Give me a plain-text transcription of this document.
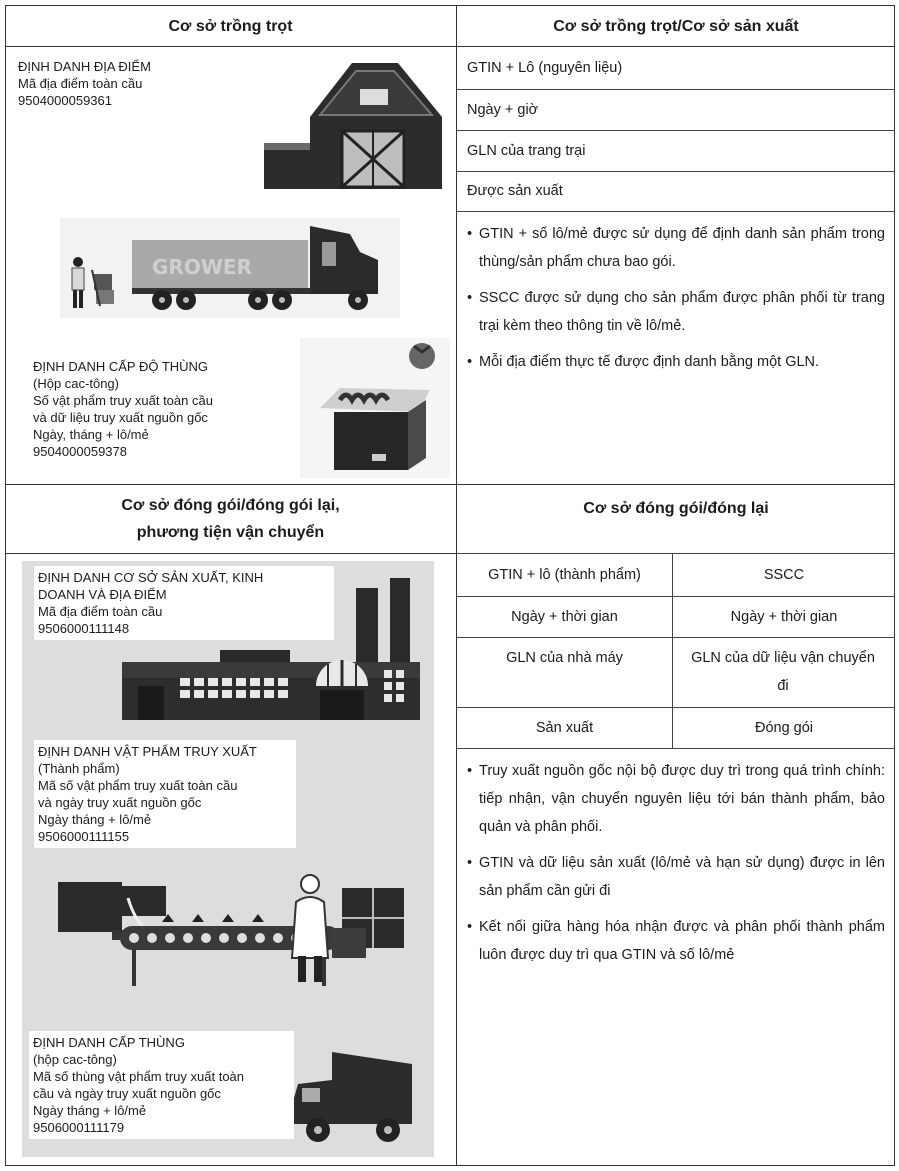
Cơ sở trồng trọt	Cơ sở trồng trọt/Cơ sở sản xuất
ĐỊNH DANH ĐỊA ĐIỂM
Mã địa điểm toàn cầu
9504000059361
GROWER
ĐỊNH DANH CẤP ĐỘ THÙNG
(Hộp cac-tông)
Số vật phẩm truy xuất toàn cầu
và dữ liệu truy xuất nguồn gốc
Ngày, tháng + lô/mẻ
9504000059378
GTIN + Lô (nguyên liệu)
Ngày + giờ
GLN của trang trại
Được sản xuất
• GTIN + số lô/mẻ được sử dụng để định danh sản phẩm trong thùng/sản phẩm chưa bao gói.
• SSCC được sử dụng cho sản phẩm được phân phối từ trang trại kèm theo thông tin về lô/mẻ.
• Mỗi địa điểm thực tế được định danh bằng một GLN.
Cơ sở đóng gói/đóng gói lại,
phương tiện vận chuyển
Cơ sở đóng gói/đóng lại
ĐỊNH DANH CƠ SỞ SẢN XUẤT, KINH
DOANH VÀ ĐỊA ĐIỂM
Mã địa điểm toàn cầu
9506000111148
ĐỊNH DANH VẬT PHẨM TRUY XUẤT
(Thành phẩm)
Mã số vật phẩm truy xuất toàn cầu
và ngày truy xuất nguồn gốc
Ngày tháng + lô/mẻ
9506000111155
ĐỊNH DANH CẤP THÙNG
(hộp cac-tông)
Mã số thùng vật phẩm truy xuất toàn
cầu và ngày truy xuất nguồn gốc
Ngày tháng + lô/mẻ
9506000111179
GTIN + lô (thành phẩm)	SSCC
Ngày + thời gian	Ngày + thời gian
GLN của nhà máy	GLN của dữ liệu vận chuyển đi
Sản xuất	Đóng gói
• Truy xuất nguồn gốc nội bộ được duy trì trong quá trình chính: tiếp nhận, vận chuyển nguyên liệu tới bán thành phẩm, bảo quản và phân phối.
• GTIN và dữ liệu sản xuất (lô/mẻ và hạn sử dụng) được in lên sản phẩm cần gửi đi
• Kết nối giữa hàng hóa nhận được và phân phối thành phẩm luôn được duy trì qua GTIN và số lô/mẻ
